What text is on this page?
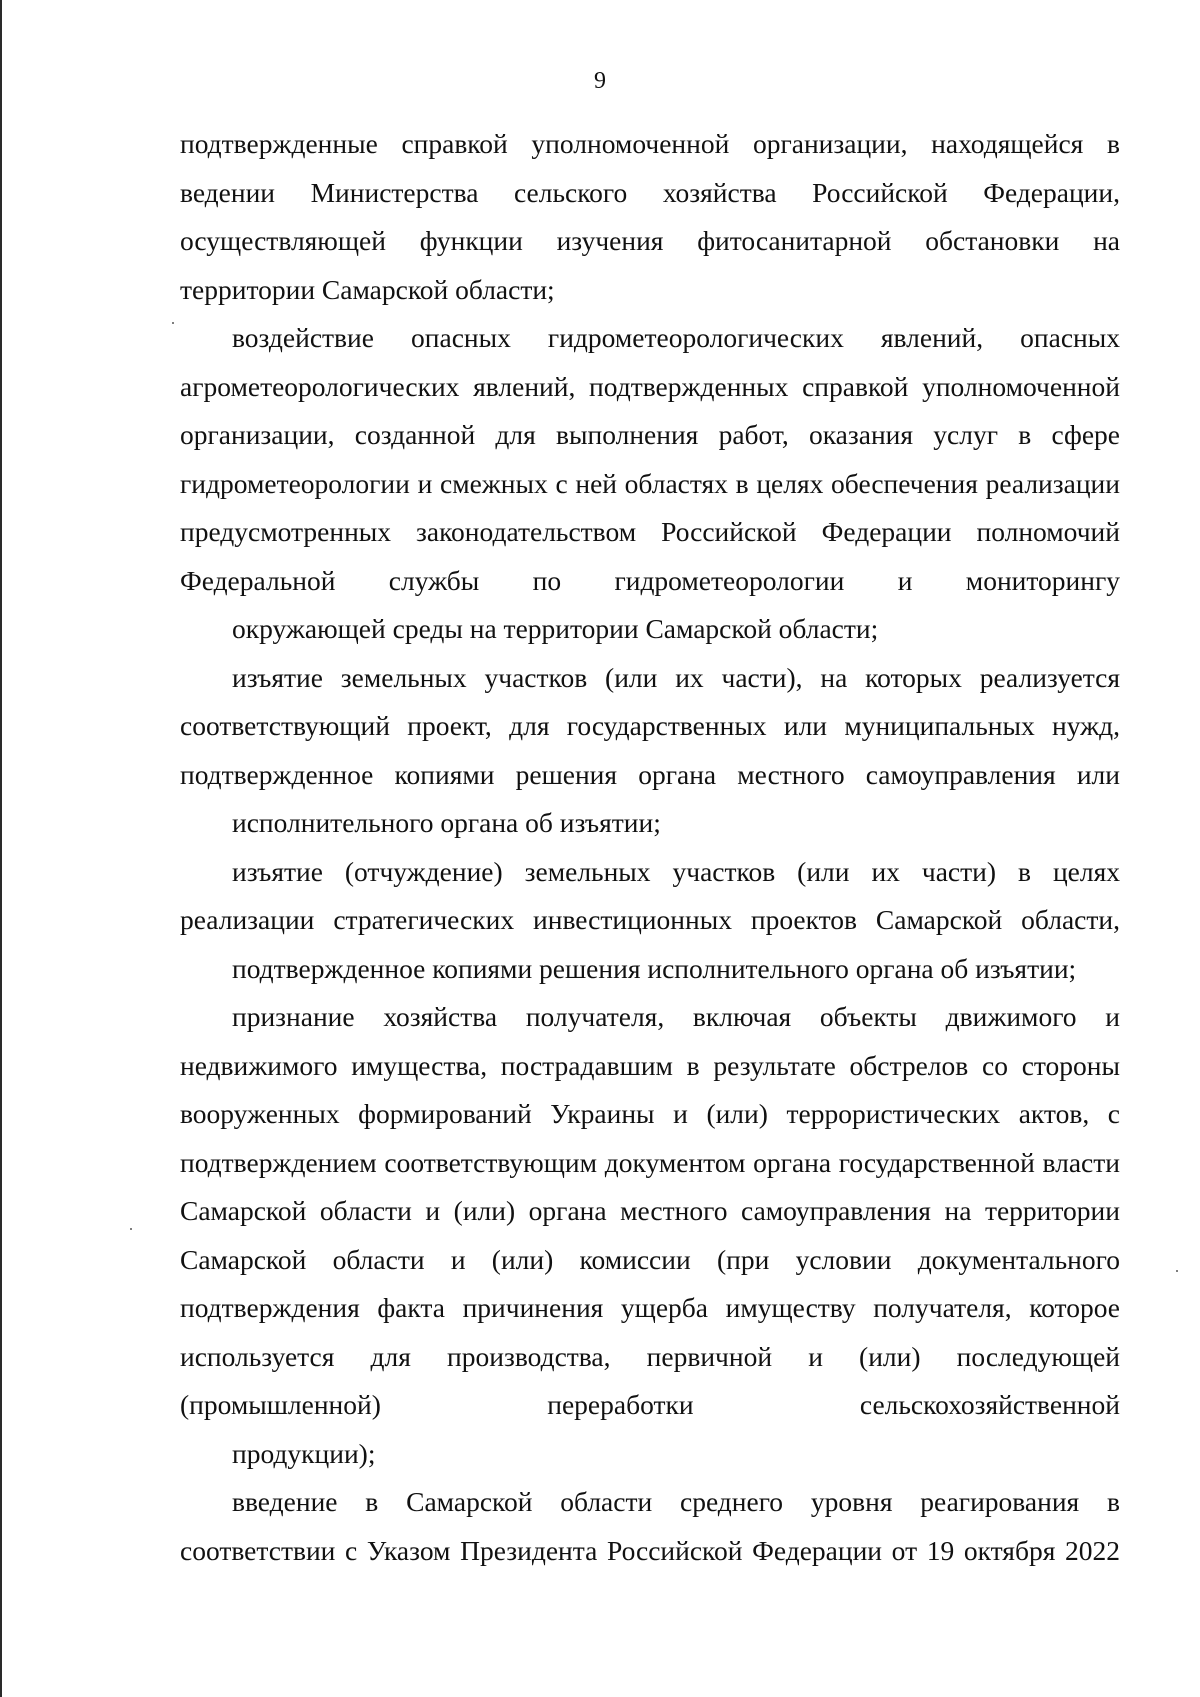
9

подтвержденные справкой уполномоченной организации, находящейся в ведении Министерства сельского хозяйства Российской Федерации, осуществляющей функции изучения фитосанитарной обстановки на
территории Самарской области;

воздействие опасных гидрометеорологических явлений, опасных агрометеорологических явлений, подтвержденных справкой уполномоченной организации, созданной для выполнения работ, оказания услуг в сфере гидрометеорологии и смежных с ней областях в целях обеспечения реализации предусмотренных законодательством Российской Федерации полномочий Федеральной службы по гидрометеорологии и мониторингу
окружающей среды на территории Самарской области;

изъятие земельных участков (или их части), на которых реализуется соответствующий проект, для государственных или муниципальных нужд, подтвержденное копиями решения органа местного самоуправления или
исполнительного органа об изъятии;

изъятие (отчуждение) земельных участков (или их части) в целях реализации стратегических инвестиционных проектов Самарской области,
подтвержденное копиями решения исполнительного органа об изъятии;

признание хозяйства получателя, включая объекты движимого и недвижимого имущества, пострадавшим в результате обстрелов со стороны вооруженных формирований Украины и (или) террористических актов, с подтверждением соответствующим документом органа государственной власти Самарской области и (или) органа местного самоуправления на территории Самарской области и (или) комиссии (при условии документального подтверждения факта причинения ущерба имуществу получателя, которое используется для производства, первичной и (или) последующей (промышленной) переработки сельскохозяйственной
продукции);

введение в Самарской области среднего уровня реагирования в соответствии с Указом Президента Российской Федерации от 19 октября 2022
